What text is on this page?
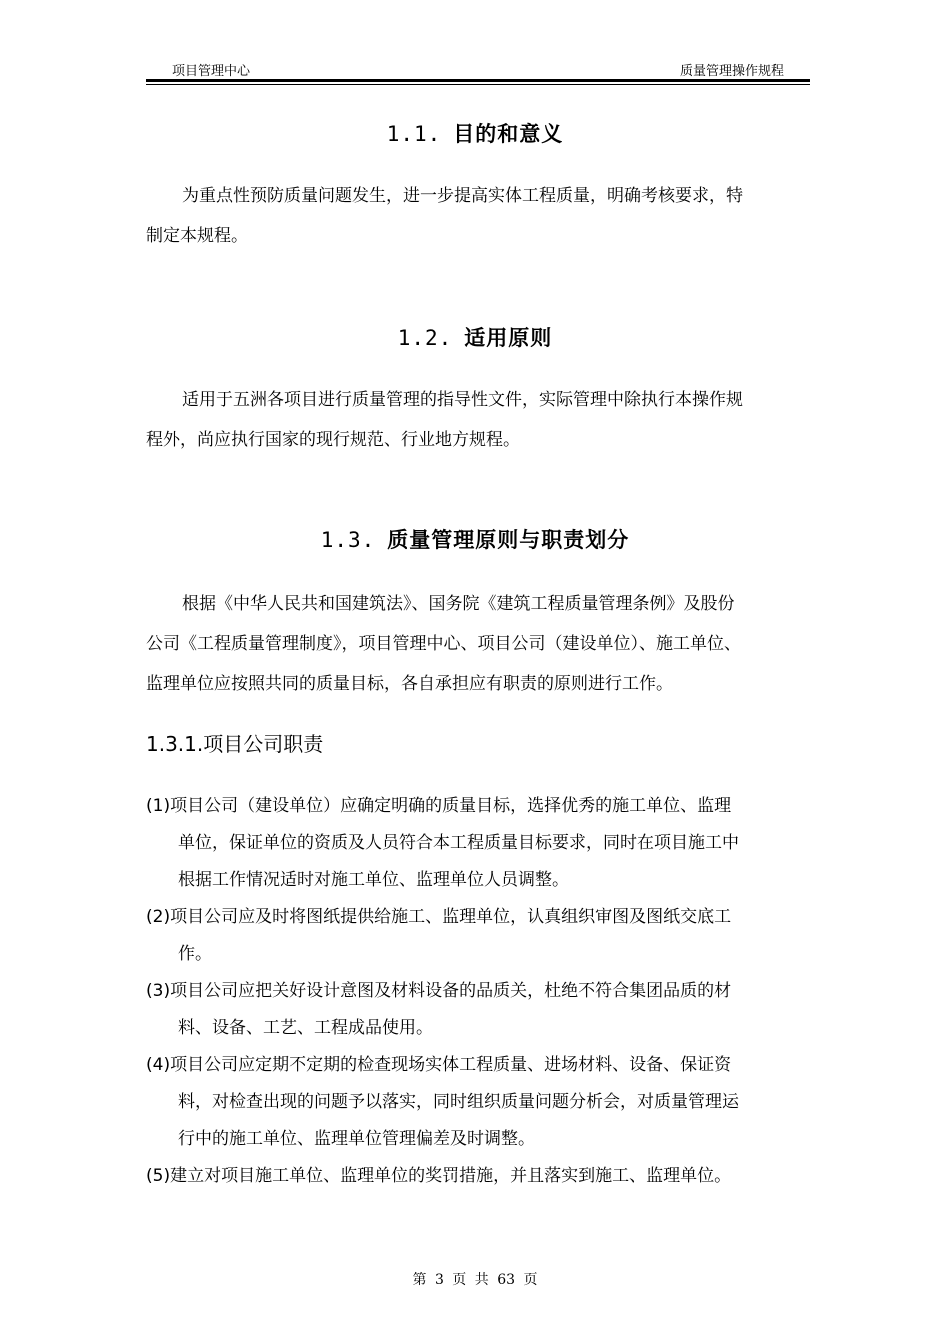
项目管理中心	质量管理操作规程
1.1. 目的和意义

为重点性预防质量问题发生，进一步提高实体工程质量，明确考核要求，特
制定本规程。

1.2. 适用原则

适用于五洲各项目进行质量管理的指导性文件，实际管理中除执行本操作规
程外，尚应执行国家的现行规范、行业地方规程。

1.3. 质量管理原则与职责划分

根据《中华人民共和国建筑法》、国务院《建筑工程质量管理条例》及股份
公司《工程质量管理制度》，项目管理中心、项目公司（建设单位）、施工单位、
监理单位应按照共同的质量目标，各自承担应有职责的原则进行工作。

1.3.1.项目公司职责
(1)项目公司（建设单位）应确定明确的质量目标，选择优秀的施工单位、监理
单位，保证单位的资质及人员符合本工程质量目标要求，同时在项目施工中
根据工作情况适时对施工单位、监理单位人员调整。
(2)项目公司应及时将图纸提供给施工、监理单位，认真组织审图及图纸交底工
作。
(3)项目公司应把关好设计意图及材料设备的品质关，杜绝不符合集团品质的材
料、设备、工艺、工程成品使用。
(4)项目公司应定期不定期的检查现场实体工程质量、进场材料、设备、保证资
料，对检查出现的问题予以落实，同时组织质量问题分析会，对质量管理运
行中的施工单位、监理单位管理偏差及时调整。
(5)建立对项目施工单位、监理单位的奖罚措施，并且落实到施工、监理单位。
第 3 页 共 63 页
